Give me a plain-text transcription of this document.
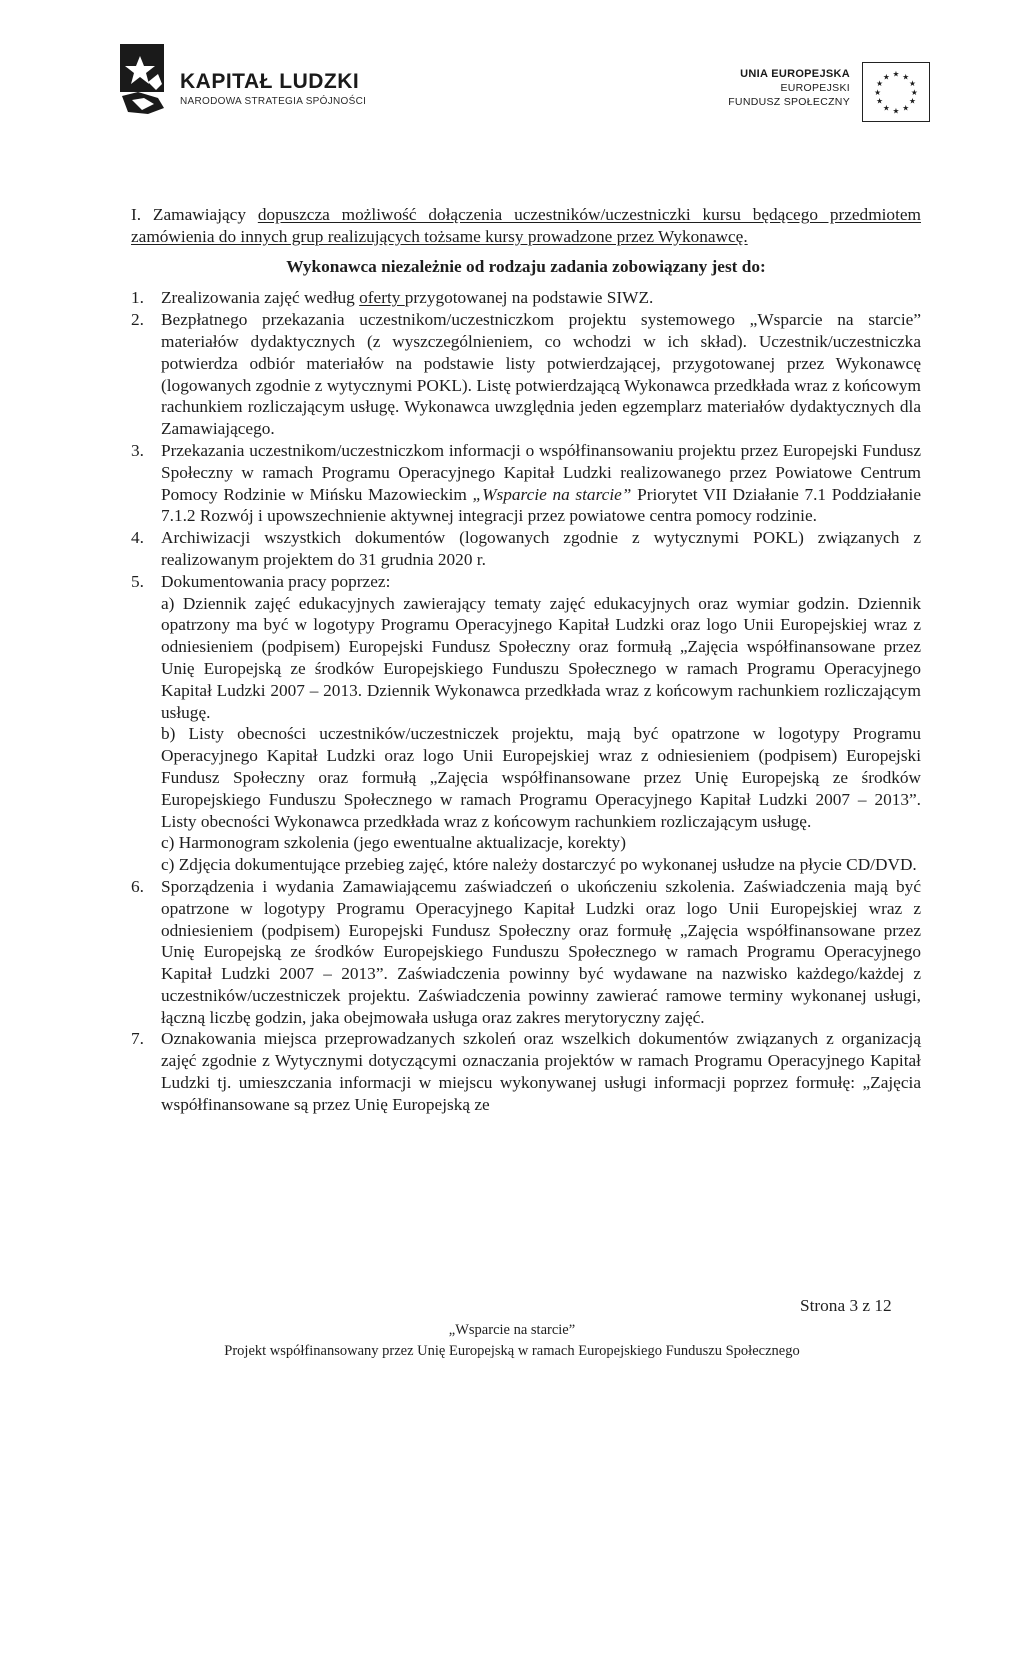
KAPITAŁ LUDZKI
NARODOWA STRATEGIA SPÓJNOŚCI
UNIA EUROPEJSKA
EUROPEJSKI
FUNDUSZ SPOŁECZNY
★ ★
★
★
★
★
★
★
★
★
★
★

I. Zamawiający dopuszcza możliwość dołączenia uczestników/uczestniczki kursu będącego przedmiotem zamówienia do innych grup realizujących tożsame kursy prowadzone przez Wykonawcę.

Wykonawca niezależnie od rodzaju zadania zobowiązany jest do:
1. Zrealizowania zajęć według oferty przygotowanej na podstawie SIWZ.
2. Bezpłatnego przekazania uczestnikom/uczestniczkom projektu systemowego „Wsparcie na starcie” materiałów dydaktycznych (z wyszczególnieniem, co wchodzi w ich skład). Uczestnik/uczestniczka potwierdza odbiór materiałów na podstawie listy potwierdzającej, przygotowanej przez Wykonawcę (logowanych zgodnie z wytycznymi POKL). Listę potwierdzającą Wykonawca przedkłada wraz z końcowym rachunkiem rozliczającym usługę. Wykonawca uwzględnia jeden egzemplarz materiałów dydaktycznych dla Zamawiającego.
3. Przekazania uczestnikom/uczestniczkom informacji o współfinansowaniu projektu przez Europejski Fundusz Społeczny w ramach Programu Operacyjnego Kapitał Ludzki realizowanego przez Powiatowe Centrum Pomocy Rodzinie w Mińsku Mazowieckim „Wsparcie na starcie” Priorytet VII Działanie 7.1 Poddziałanie 7.1.2 Rozwój i upowszechnienie aktywnej integracji przez powiatowe centra pomocy rodzinie.
4. Archiwizacji wszystkich dokumentów (logowanych zgodnie z wytycznymi POKL) związanych z realizowanym projektem do 31 grudnia 2020 r.
5. Dokumentowania pracy poprzez:

a) Dziennik zajęć edukacyjnych zawierający tematy zajęć edukacyjnych oraz wymiar godzin. Dziennik opatrzony ma być w logotypy Programu Operacyjnego Kapitał Ludzki oraz logo Unii Europejskiej wraz z odniesieniem (podpisem) Europejski Fundusz Społeczny oraz formułą „Zajęcia współfinansowane przez Unię Europejską ze środków Europejskiego Funduszu Społecznego w ramach Programu Operacyjnego Kapitał Ludzki 2007 – 2013. Dziennik Wykonawca przedkłada wraz z końcowym rachunkiem rozliczającym usługę.

b) Listy obecności uczestników/uczestniczek projektu, mają być opatrzone w logotypy Programu Operacyjnego Kapitał Ludzki oraz logo Unii Europejskiej wraz z odniesieniem (podpisem) Europejski Fundusz Społeczny oraz formułą „Zajęcia współfinansowane przez Unię Europejską ze środków Europejskiego Funduszu Społecznego w ramach Programu Operacyjnego Kapitał Ludzki 2007 – 2013”. Listy obecności Wykonawca przedkłada wraz z końcowym rachunkiem rozliczającym usługę.

c) Harmonogram szkolenia (jego ewentualne aktualizacje, korekty)

c) Zdjęcia dokumentujące przebieg zajęć, które należy dostarczyć po wykonanej usłudze na płycie CD/DVD.

6. Sporządzenia i wydania Zamawiającemu zaświadczeń o ukończeniu szkolenia. Zaświadczenia mają być opatrzone w logotypy Programu Operacyjnego Kapitał Ludzki oraz logo Unii Europejskiej wraz z odniesieniem (podpisem) Europejski Fundusz Społeczny oraz formułę „Zajęcia współfinansowane przez Unię Europejską ze środków Europejskiego Funduszu Społecznego w ramach Programu Operacyjnego Kapitał Ludzki 2007 – 2013”. Zaświadczenia powinny być wydawane na nazwisko każdego/każdej z uczestników/uczestniczek projektu. Zaświadczenia powinny zawierać ramowe terminy wykonanej usługi, łączną liczbę godzin, jaka obejmowała usługa oraz zakres merytoryczny zajęć.
7. Oznakowania miejsca przeprowadzanych szkoleń oraz wszelkich dokumentów związanych z organizacją zajęć zgodnie z Wytycznymi dotyczącymi oznaczania projektów w ramach Programu Operacyjnego Kapitał Ludzki tj. umieszczania informacji w miejscu wykonywanej usługi informacji poprzez formułę: „Zajęcia współfinansowane są przez Unię Europejską ze
Strona 3 z 12
„Wsparcie na starcie”
Projekt współfinansowany przez Unię Europejską w ramach Europejskiego Funduszu Społecznego
